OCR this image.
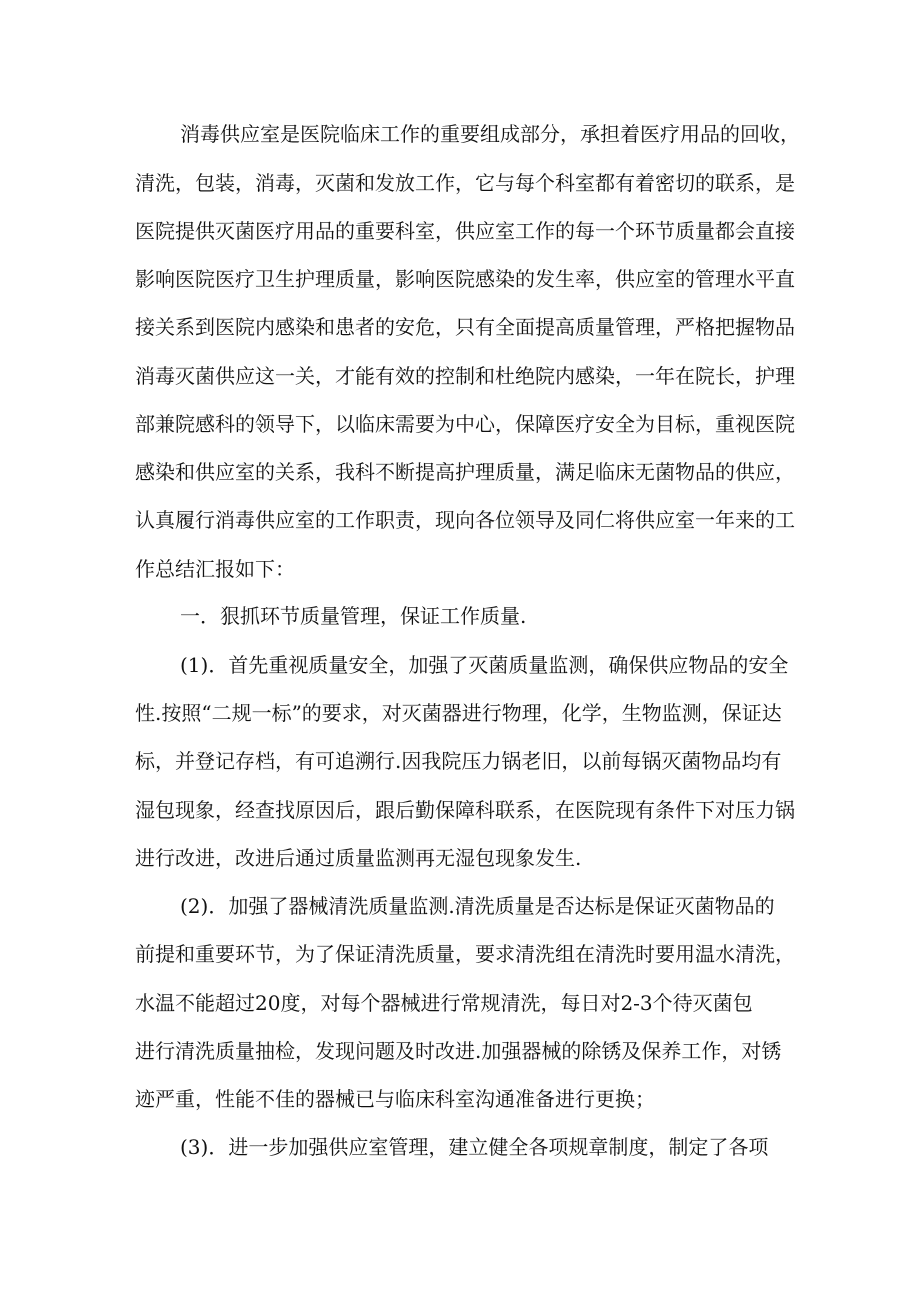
消毒供应室是医院临床工作的重要组成部分，承担着医疗用品的回收，
清洗，包装，消毒，灭菌和发放工作，它与每个科室都有着密切的联系，是
医院提供灭菌医疗用品的重要科室，供应室工作的每一个环节质量都会直接
影响医院医疗卫生护理质量，影响医院感染的发生率，供应室的管理水平直
接关系到医院内感染和患者的安危，只有全面提高质量管理，严格把握物品
消毒灭菌供应这一关，才能有效的控制和杜绝院内感染，一年在院长，护理
部兼院感科的领导下，以临床需要为中心，保障医疗安全为目标，重视医院
感染和供应室的关系，我科不断提高护理质量，满足临床无菌物品的供应，
认真履行消毒供应室的工作职责，现向各位领导及同仁将供应室一年来的工
作总结汇报如下：
一．狠抓环节质量管理，保证工作质量.
(1)．首先重视质量安全，加强了灭菌质量监测，确保供应物品的安全
性.按照“二规一标”的要求，对灭菌器进行物理，化学，生物监测，保证达
标，并登记存档，有可追溯行.因我院压力锅老旧，以前每锅灭菌物品均有
湿包现象，经查找原因后，跟后勤保障科联系，在医院现有条件下对压力锅
进行改进，改进后通过质量监测再无湿包现象发生.
(2)．加强了器械清洗质量监测.清洗质量是否达标是保证灭菌物品的
前提和重要环节，为了保证清洗质量，要求清洗组在清洗时要用温水清洗，
水温不能超过20度，对每个器械进行常规清洗，每日对2-3个待灭菌包
进行清洗质量抽检，发现问题及时改进.加强器械的除锈及保养工作，对锈
迹严重，性能不佳的器械已与临床科室沟通准备进行更换；
(3)．进一步加强供应室管理，建立健全各项规章制度，制定了各项
